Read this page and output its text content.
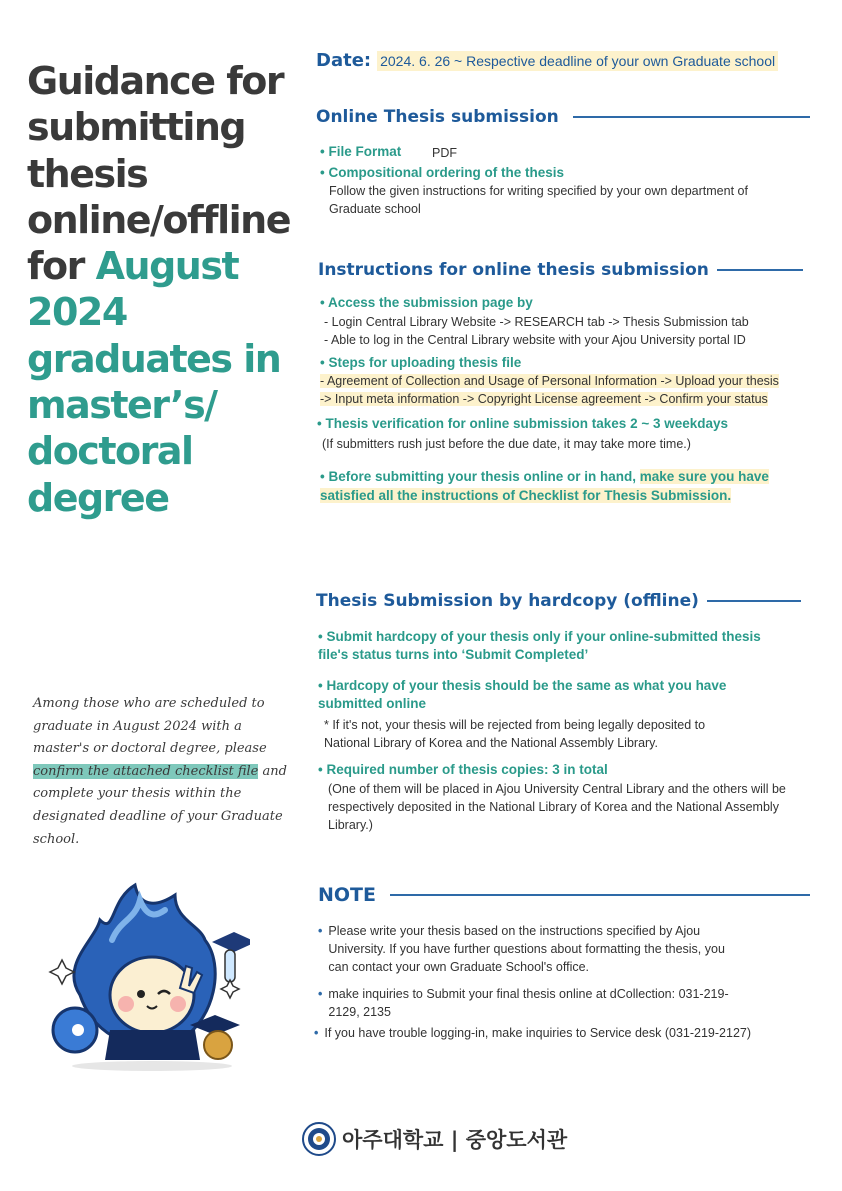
Guidance for submitting thesis online/offline for August 2024 graduates in master’s/ doctoral degree
Among those who are scheduled to graduate in August 2024 with a master's or doctoral degree, please confirm the attached checklist file and complete your thesis within the designated deadline of your Graduate school.
Date: 2024. 6. 26 ~ Respective deadline of your own Graduate school
Online Thesis submission
• File Format	PDF
• Compositional ordering of the thesis
Follow the given instructions for writing specified by your own department of Graduate school
Instructions for online thesis submission
• Access the submission page by
- Login Central Library Website -> RESEARCH tab -> Thesis Submission tab
- Able to log in the Central Library website with your Ajou University portal ID
• Steps for uploading thesis file
- Agreement of Collection and Usage of Personal Information -> Upload your thesis -> Input meta information -> Copyright License agreement -> Confirm your status
• Thesis verification for online submission takes 2 ~ 3 weekdays
(If submitters rush just before the due date, it may take more time.)
• Before submitting your thesis online or in hand, make sure you have satisfied all the instructions of Checklist for Thesis Submission.
Thesis Submission by hardcopy (offline)
• Submit hardcopy of your thesis only if your online-submitted thesis file's status turns into ‘Submit Completed’
• Hardcopy of your thesis should be the same as what you have submitted online
* If it's not, your thesis will be rejected from being legally deposited to National Library of Korea and the National Assembly Library.
• Required number of thesis copies: 3 in total
(One of them will be placed in Ajou University Central Library and the others will be respectively deposited in the National Library of Korea and the National Assembly Library.)
NOTE
• Please write your thesis based on the instructions specified by Ajou University. If you have further questions about formatting the thesis, you can contact your own Graduate School's office.
• make inquiries to Submit your final thesis online at dCollection: 031-219-2129, 2135
• If you have trouble logging-in, make inquiries to Service desk (031-219-2127)
아주대학교 | 중앙도서관
